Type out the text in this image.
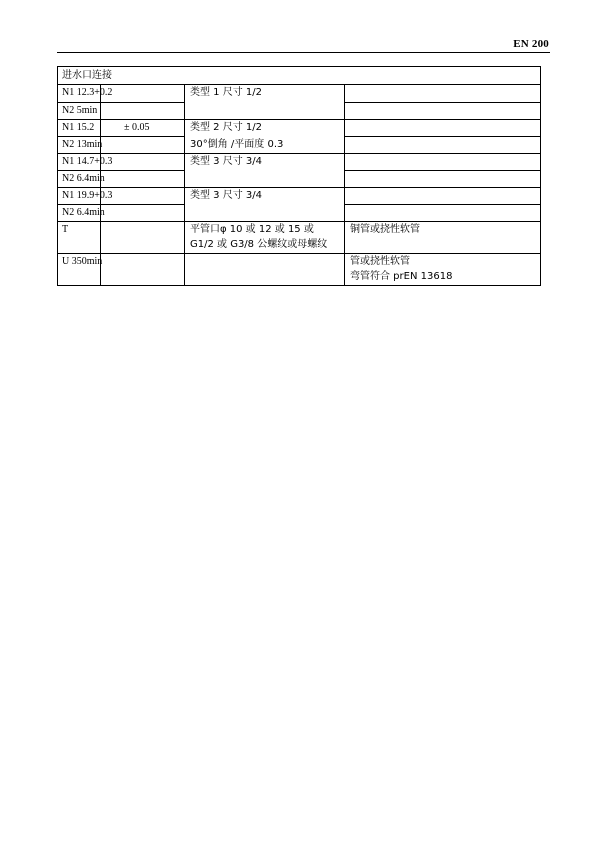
EN 200
进水口连接
N1 12.3+0.2
N2 5min
N1 15.2	± 0.05
N2 13min
N1 14.7+0.3
N2 6.4min
N1 19.9+0.3
N2 6.4min
T
U 350min
类型 1 尺寸 1/2
类型 2 尺寸 1/2
30°倒角 /平面度 0.3
类型 3 尺寸 3/4
类型 3 尺寸 3/4
平管口φ 10 或 12 或 15 或
G1/2 或 G3/8 公螺纹或母螺纹
铜管或挠性软管
管或挠性软管
弯管符合 prEN 13618
